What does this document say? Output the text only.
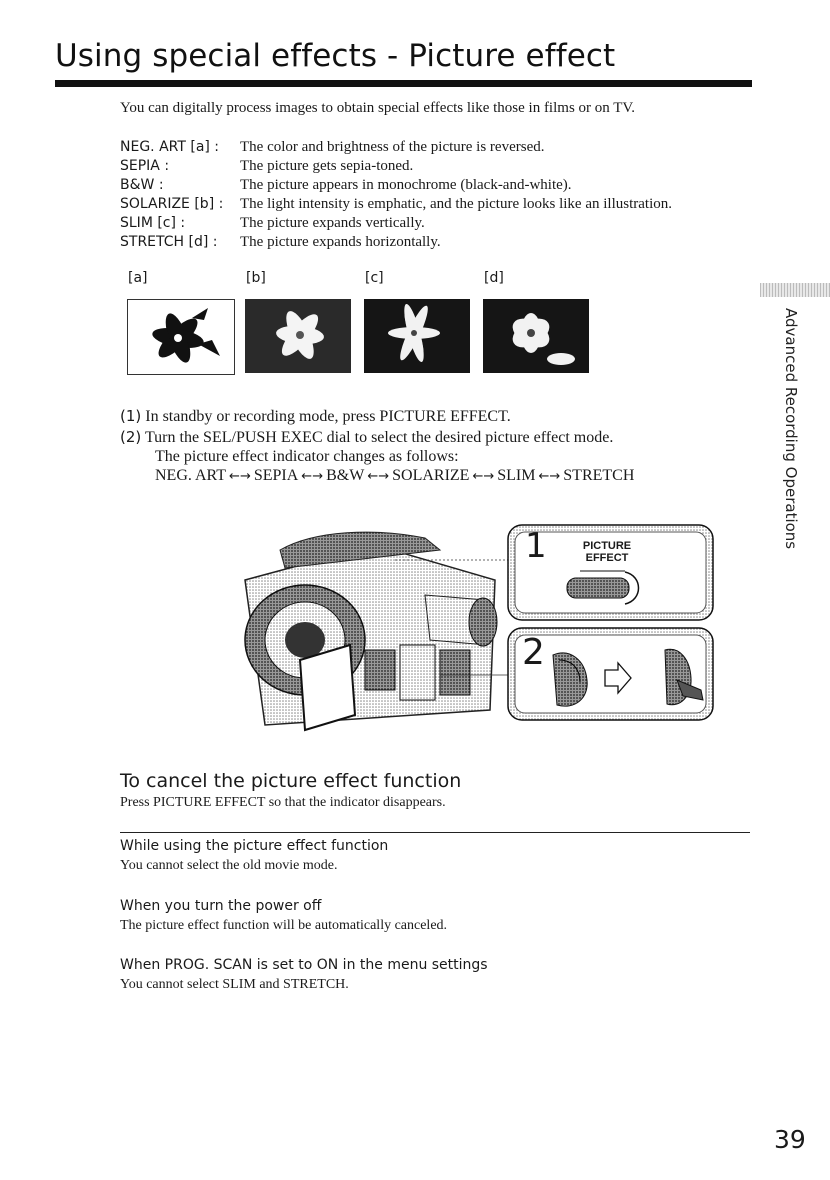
Using special effects - Picture effect
You can digitally process images to obtain special effects like those in films or on TV.
NEG. ART [a] : The color and brightness of the picture is reversed.
SEPIA :	The picture gets sepia-toned.
B&W :	The picture appears in monochrome (black-and-white).
SOLARIZE [b] : The light intensity is emphatic, and the picture looks like an illustration.
SLIM [c] :	The picture expands vertically.
STRETCH [d] : The picture expands horizontally.
[a]	[b]	[c]	[d]
(1) In standby or recording mode, press PICTURE EFFECT.
(2) Turn the SEL/PUSH EXEC dial to select the desired picture effect mode.
The picture effect indicator changes as follows:
NEG. ART ←→ SEPIA ←→ B&W ←→ SOLARIZE ←→ SLIM ←→ STRETCH
1	PICTURE
EFFECT
2
To cancel the picture effect function
Press PICTURE EFFECT so that the indicator disappears.
While using the picture effect function
You cannot select the old movie mode.
When you turn the power off
The picture effect function will be automatically canceled.
When PROG. SCAN is set to ON in the menu settings
You cannot select SLIM and STRETCH.
Advanced Recording Operations
39
